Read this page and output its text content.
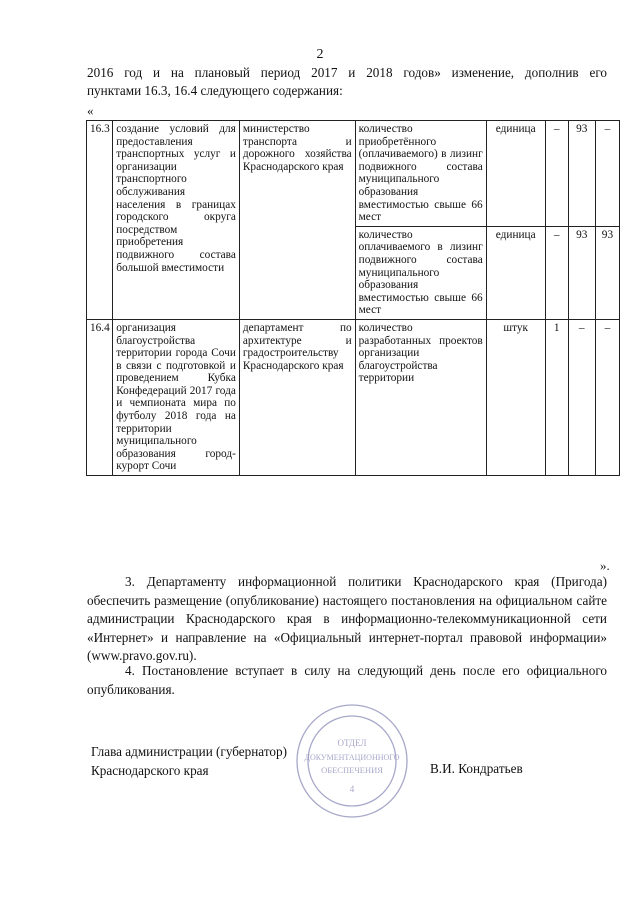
2
2016 год и на плановый период 2017 и 2018 годов» изменение, дополнив его
пунктами 16.3, 16.4 следующего содержания:
«
16.3	создание условий для предоставления транспортных услуг и организации транспортного обслуживания населения в границах городского округа посредством приобретения подвижного состава большой вместимости	министерство транспорта и дорожного хозяйства Краснодарского края	количество приобретённого (оплачиваемого) в лизинг подвижного состава муниципального образования вместимостью свыше 66 мест	единица	–	93	–
			количество оплачиваемого в лизинг подвижного состава муниципального образования вместимостью свыше 66 мест	единица	–	93	93
16.4	организация благоустройства территории города Сочи в связи с подготовкой и проведением Кубка Конфедераций 2017 года и чемпионата мира по футболу 2018 года на территории муниципального образования город-курорт Сочи	департамент по архитектуре и градостроительству Краснодарского края	количество разработанных проектов организации благоустройства территории	штук	1	–	–
».
3. Департаменту информационной политики Краснодарского края (Пригода) обеспечить размещение (опубликование) настоящего постановления на официальном сайте администрации Краснодарского края в информационно-телекоммуникационной сети «Интернет» и направление на «Официальный интернет-портал правовой информации» (www.pravo.gov.ru).
4. Постановление вступает в силу на следующий день после его официального опубликования.
ОТДЕЛ
ДОКУМЕНТАЦИОННОГО
ОБЕСПЕЧЕНИЯ
4
Глава администрации (губернатор)
Краснодарского края	В.И. Кондратьев
